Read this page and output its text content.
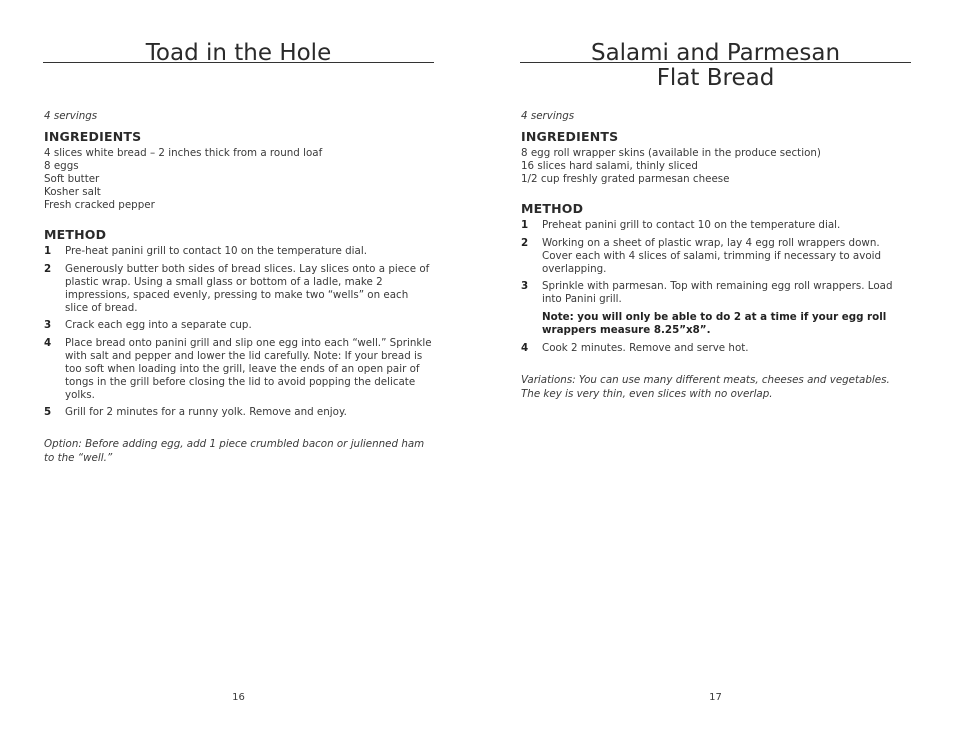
Toad in the Hole

4 servings

INGREDIENTS
4 slices white bread – 2 inches thick from a round loaf
8 eggs
Soft butter
Kosher salt
Fresh cracked pepper
METHOD
1	Pre-heat panini grill to contact 10 on the temperature dial.
2	Generously butter both sides of bread slices. Lay slices onto a piece of plastic wrap. Using a small glass or bottom of a ladle, make 2 impressions, spaced evenly, pressing to make two “wells” on each slice of bread.
3	Crack each egg into a separate cup.
4	Place bread onto panini grill and slip one egg into each “well.” Sprinkle with salt and pepper and lower the lid carefully. Note: If your bread is too soft when loading into the grill, leave the ends of an open pair of tongs in the grill before closing the lid to avoid popping the delicate yolks.
5	Grill for 2 minutes for a runny yolk. Remove and enjoy.

Option: Before adding egg, add 1 piece crumbled bacon or julienned ham to the “well.”

16
Salami and Parmesan
Flat Bread

4 servings

INGREDIENTS
8 egg roll wrapper skins (available in the produce section)
16 slices hard salami, thinly sliced
1/2 cup freshly grated parmesan cheese
METHOD
1	Preheat panini grill to contact 10 on the temperature dial.
2	Working on a sheet of plastic wrap, lay 4 egg roll wrappers down. Cover each with 4 slices of salami, trimming if necessary to avoid overlapping.
3	Sprinkle with parmesan. Top with remaining egg roll wrappers. Load into Panini grill.

Note: you will only be able to do 2 at a time if your egg roll wrappers measure 8.25”x8”.

4	Cook 2 minutes. Remove and serve hot.

Variations: You can use many different meats, cheeses and vegetables. The key is very thin, even slices with no overlap.

17
